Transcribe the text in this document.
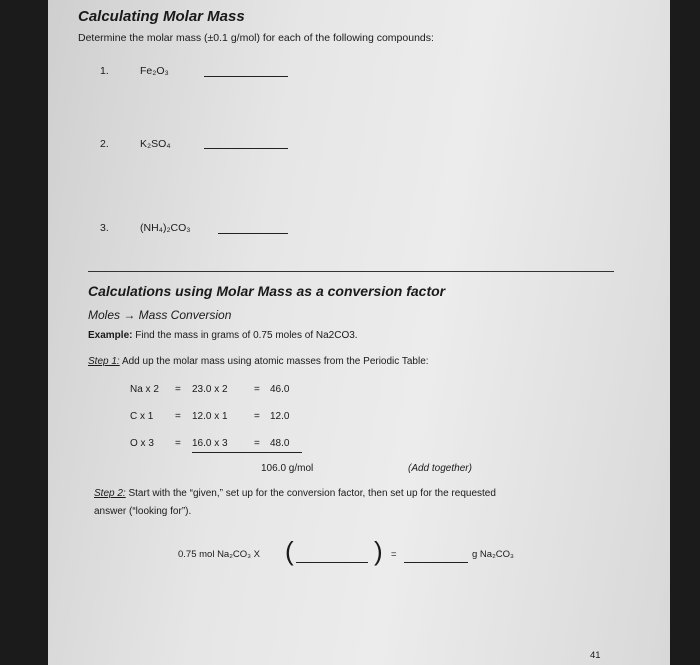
Calculating Molar Mass
Determine the molar mass (±0.1 g/mol) for each of the following compounds:
1.	Fe₂O₃
2.	K₂SO₄
3.	(NH₄)₂CO₃
Calculations using Molar Mass as a conversion factor
Moles → Mass Conversion
Example: Find the mass in grams of 0.75 moles of Na2CO3.
Step 1: Add up the molar mass using atomic masses from the Periodic Table:
Na x 2 = 23.0 x 2	= 46.0
C x 1 = 12.0 x 1	= 12.0
O x 3 = 16.0 x 3	= 48.0
106.0 g/mol	(Add together)
Step 2: Start with the “given,” set up for the conversion factor, then set up for the requested
answer (“looking for”).
0.75 mol Na₂CO₃ X (	) =	g Na₂CO₃
41
